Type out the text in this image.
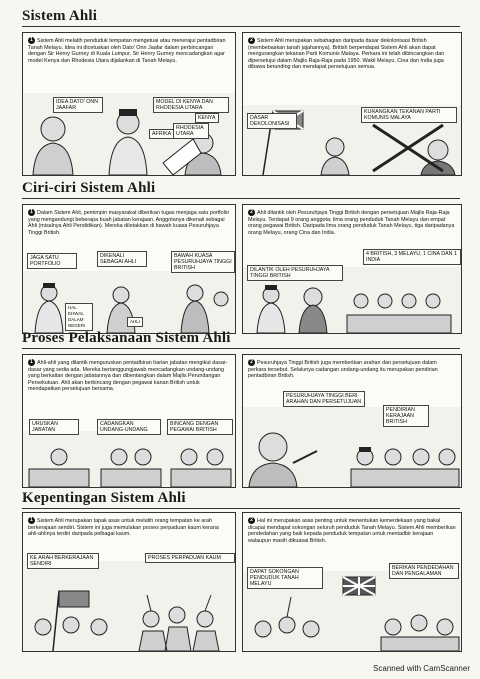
Sistem Ahli
1 Sistem Ahli melatih penduduk tempatan mengetuai atau menerajui pentadbiran Tanah Melayu. Idea ini dicetuskan oleh Dato' Onn Jaafar dalam perbincangan dengan Sir Henry Gurney di Kuala Lumpur. Sir Henry Gurney mencadangkan agar model Kenya dan Rhodesia Utara dijalankan di Tanah Melayu.
IDEA DATO' ONN JAAFAR
MODEL DI KENYA DAN RHODESIA UTARA
KENYA
AFRIKA
RHODESIA UTARA
2 Sistem Ahli merupakan sebahagian daripada dasar dekolonisasi British (membebaskan tanah jajahannya). British berpendapat Sistem Ahli akan dapat mengurangkan tekanan Parti Komunis Malaya. Perkara ini telah dibincangkan dan dipersetujui dalam Majlis Raja-Raja pada 1950. Wakil Melayu, Cina dan India juga dibawa berunding dan mendapat persetujuan semua.
DASAR DEKOLONISASI
KURANGKAN TEKANAN PARTI KOMUNIS MALAYA
Ciri-ciri Sistem Ahli
1 Dalam Sistem Ahli, pemimpin masyarakat diberikan tugas menjaga satu portfolio yang mengandungi beberapa buah jabatan kerajaan. Anggotanya dikenali sebagai Ahli (misalnya Ahli Pendidikan). Mereka diletakkan di bawah kuasa Pesuruhjaya Tinggi British.
JAGA SATU PORTFOLIO
DIKENALI SEBAGAI AHLI
BAWAH KUASA PESURUHJAYA TINGGI BRITISH
HAL EHWAL DALAM NEGERI
AHLI
2 Ahli dilantik oleh Pesuruhjaya Tinggi British dengan persetujuan Majlis Raja-Raja Melayu. Terdapat 9 orang anggota; lima orang penduduk Tanah Melayu dan empat orang pegawai British. Daripada lima orang penduduk Tanah Melayu, tiga daripadanya orang Melayu, orang Cina dan India.
DILANTIK OLEH PESURUHJAYA TINGGI BRITISH
4 BRITISH, 3 MELAYU, 1 CINA DAN 1 INDIA
Proses Pelaksanaan Sistem Ahli
1 Ahli-ahli yang dilantik menguruskan pentadbiran harian jabatan mengikut dasar-dasar yang sedia ada. Mereka bertanggungjawab mencadangkan undang-undang yang berkaitan dengan jabatannya dan dibentangkan dalam Majlis Perundangan Persekutuan. Ahli akan berbincang dengan pegawai kanan British untuk mendapatkan persetujuan bersama.
URUSKAN JABATAN
CADANGKAN UNDANG-UNDANG
BINCANG DENGAN PEGAWAI BRITISH
2 Pesuruhjaya Tinggi British juga memberikan arahan dan persetujuan dalam perkara tersebut. Selalunya cadangan undang-undang itu merupakan pendirian pentadbiran British.
PESURUHJAYA TINGGI BERI ARAHAN DAN PERSETUJUAN
PENDIRIAN KERAJAAN BRITISH
Kepentingan Sistem Ahli
1 Sistem Ahli merupakan tapak asas untuk melatih orang tempatan ke arah berkerajaan sendiri. Sistem ini juga memulakan proses perpaduan kaum kerana ahli-ahlinya terdiri daripada pelbagai kaum.
KE ARAH BERKERAJAAN SENDIRI
PROSES PERPADUAN KAUM
2 Hal ini merupakan asas penting untuk menentukan kemerdekaan yang bakal dicapai mendapat sokongan seluruh penduduk Tanah Melayu. Sistem Ahli memberikan pendedahan yang baik kepada penduduk tempatan untuk mentadbir kerajaan walaupun masih dikuasai British.
DAPAT SOKONGAN PENDUDUK TANAH MELAYU
BERIKAN PENDEDAHAN DAN PENGALAMAN
Scanned with CamScanner
